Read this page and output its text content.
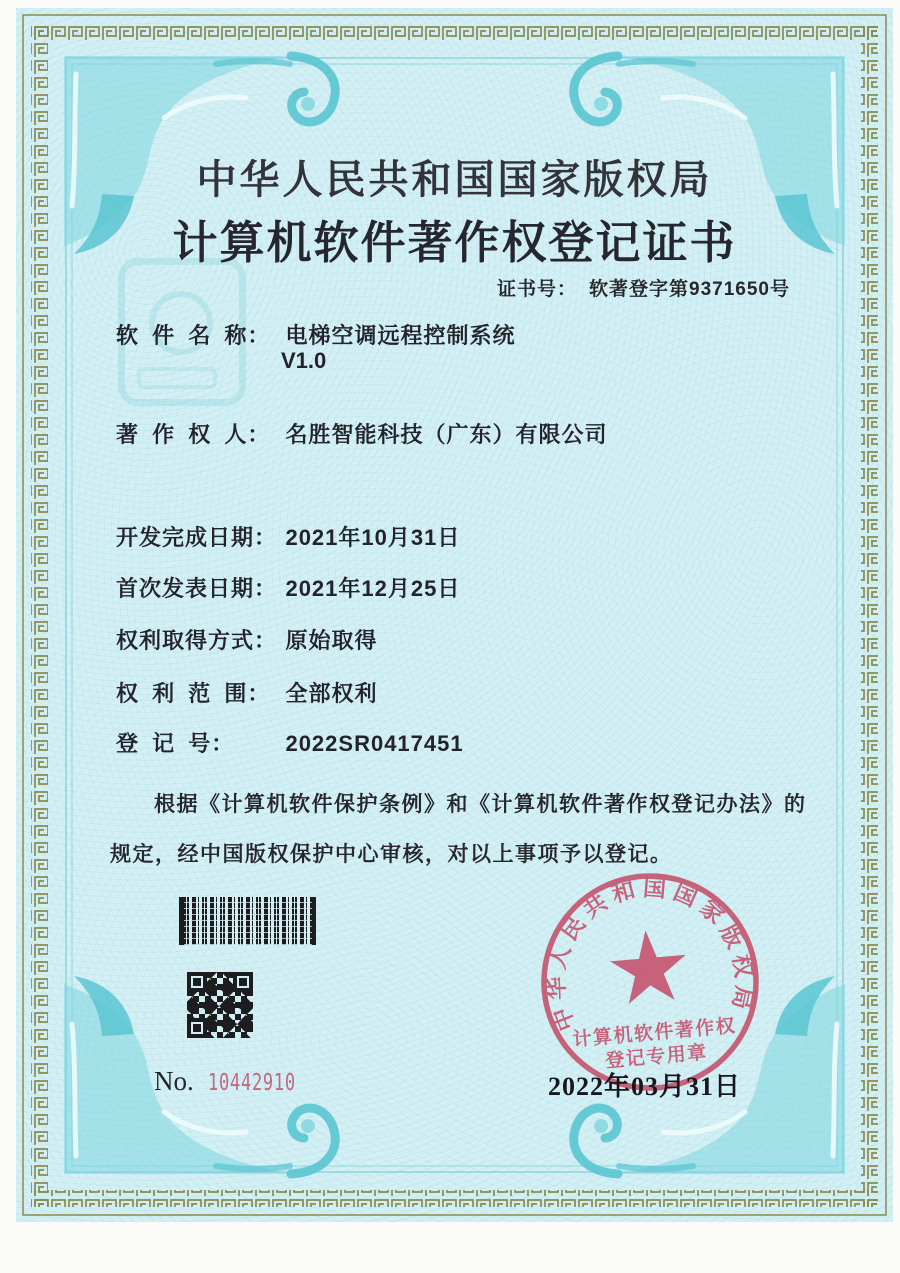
中华人民共和国国家版权局
计算机软件著作权登记证书
证书号： 软著登字第9371650号
软 件 名 称： 电梯空调远程控制系统
V1.0
著 作 权 人： 名胜智能科技（广东）有限公司
开发完成日期： 2021年10月31日
首次发表日期： 2021年12月25日
权利取得方式： 原始取得
权 利 范 围： 全部权利
登 记 号： 2022SR0417451
根据《计算机软件保护条例》和《计算机软件著作权登记办法》的
规定，经中国版权保护中心审核，对以上事项予以登记。
中华人民共和国国家版权局
计算机软件著作权
登记专用章
No. 10442910	2022年03月31日
